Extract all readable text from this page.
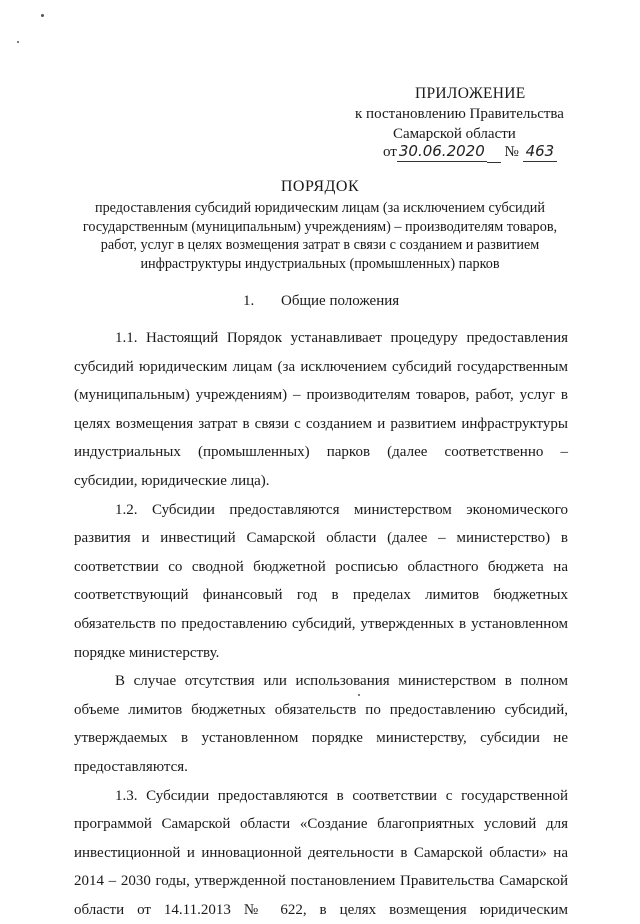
ПРИЛОЖЕНИЕ
к постановлению Правительства
Самарской области
от 30.06.2020 № 463
ПОРЯДОК
предоставления субсидий юридическим лицам (за исключением субсидий государственным (муниципальным) учреждениям) – производителям товаров, работ, услуг в целях возмещения затрат в связи с созданием и развитием инфраструктуры индустриальных (промышленных) парков
1. Общие положения

1.1. Настоящий Порядок устанавливает процедуру предоставления субсидий юридическим лицам (за исключением субсидий государственным (муниципальным) учреждениям) – производителям товаров, работ, услуг в целях возмещения затрат в связи с созданием и развитием инфраструктуры индустриальных (промышленных) парков (далее соответственно – субсидии, юридические лица).

1.2. Субсидии предоставляются министерством экономического развития и инвестиций Самарской области (далее – министерство) в соответствии со сводной бюджетной росписью областного бюджета на соответствующий финансовый год в пределах лимитов бюджетных обязательств по предоставлению субсидий, утвержденных в установленном порядке министерству.

В случае отсутствия или использования министерством в полном объеме лимитов бюджетных обязательств по предоставлению субсидий, утверждаемых в установленном порядке министерству, субсидии не предоставляются.

1.3. Субсидии предоставляются в соответствии с государственной программой Самарской области «Создание благоприятных условий для инвестиционной и инновационной деятельности в Самарской области» на 2014 – 2030 годы, утвержденной постановлением Правительства Самарской области от 14.11.2013 № 622, в целях возмещения юридическим
